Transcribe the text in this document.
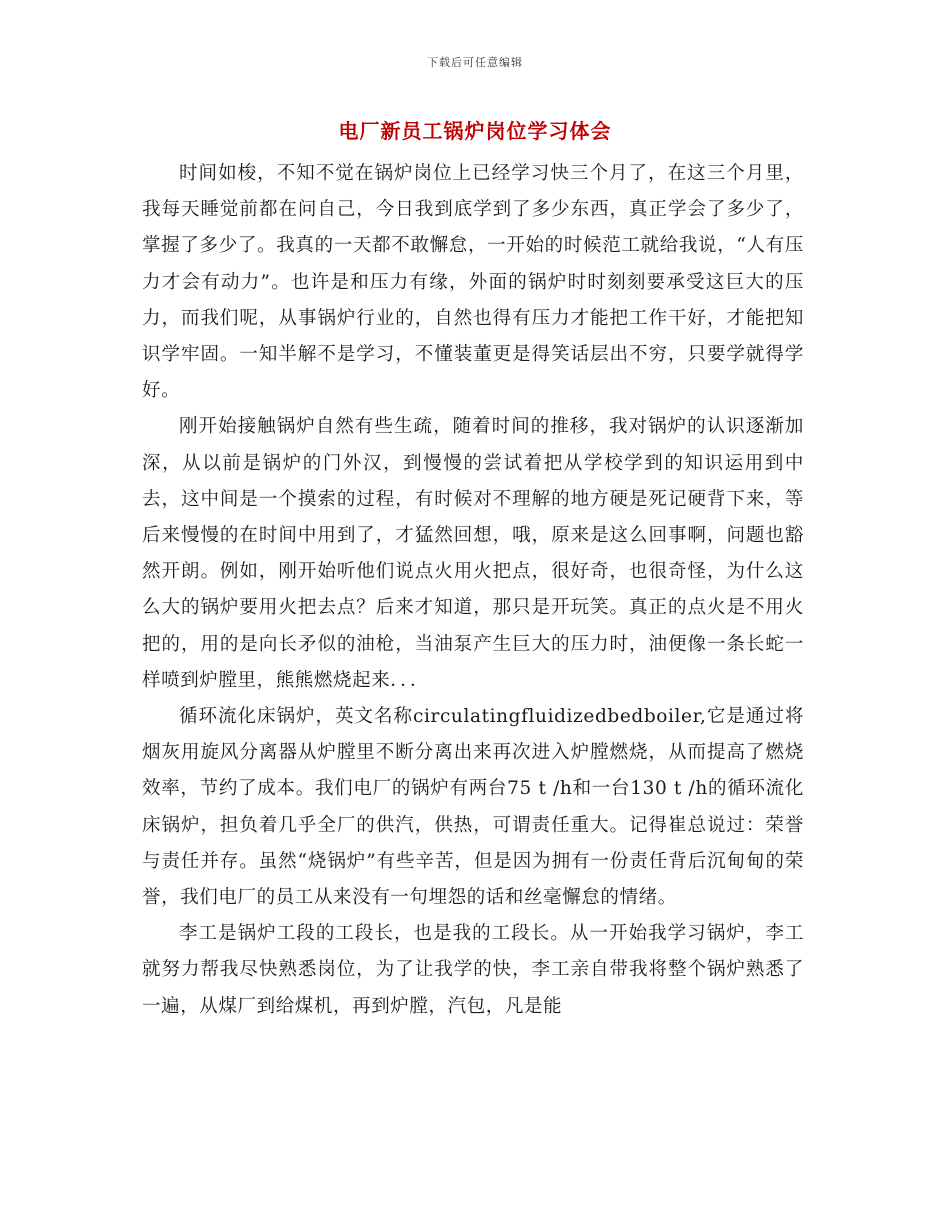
下载后可任意编辑
电厂新员工锅炉岗位学习体会

时间如梭，不知不觉在锅炉岗位上已经学习快三个月了，在这三个月里，我每天睡觉前都在问自己，今日我到底学到了多少东西，真正学会了多少了，掌握了多少了。我真的一天都不敢懈怠，一开始的时候范工就给我说，“人有压力才会有动力”。也许是和压力有缘，外面的锅炉时时刻刻要承受这巨大的压力，而我们呢，从事锅炉行业的，自然也得有压力才能把工作干好，才能把知识学牢固。一知半解不是学习，不懂装董更是得笑话层出不穷，只要学就得学好。

刚开始接触锅炉自然有些生疏，随着时间的推移，我对锅炉的认识逐渐加深，从以前是锅炉的门外汉，到慢慢的尝试着把从学校学到的知识运用到中去，这中间是一个摸索的过程，有时候对不理解的地方硬是死记硬背下来，等后来慢慢的在时间中用到了，才猛然回想，哦，原来是这么回事啊，问题也豁然开朗。例如，刚开始听他们说点火用火把点，很好奇，也很奇怪，为什么这么大的锅炉要用火把去点？后来才知道，那只是开玩笑。真正的点火是不用火把的，用的是向长矛似的油枪，当油泵产生巨大的压力时，油便像一条长蛇一样喷到炉膛里，熊熊燃烧起来．．．

循环流化床锅炉，英文名称circulatingfluidizedbedboiler,它是通过将烟灰用旋风分离器从炉膛里不断分离出来再次进入炉膛燃烧，从而提高了燃烧效率，节约了成本。我们电厂的锅炉有两台75 t /h和一台130 t /h的循环流化床锅炉，担负着几乎全厂的供汽，供热，可谓责任重大。记得崔总说过：荣誉与责任并存。虽然“烧锅炉”有些辛苦，但是因为拥有一份责任背后沉甸甸的荣誉，我们电厂的员工从来没有一句埋怨的话和丝毫懈怠的情绪。

李工是锅炉工段的工段长，也是我的工段长。从一开始我学习锅炉，李工就努力帮我尽快熟悉岗位，为了让我学的快，李工亲自带我将整个锅炉熟悉了一遍，从煤厂到给煤机，再到炉膛，汽包，凡是能
